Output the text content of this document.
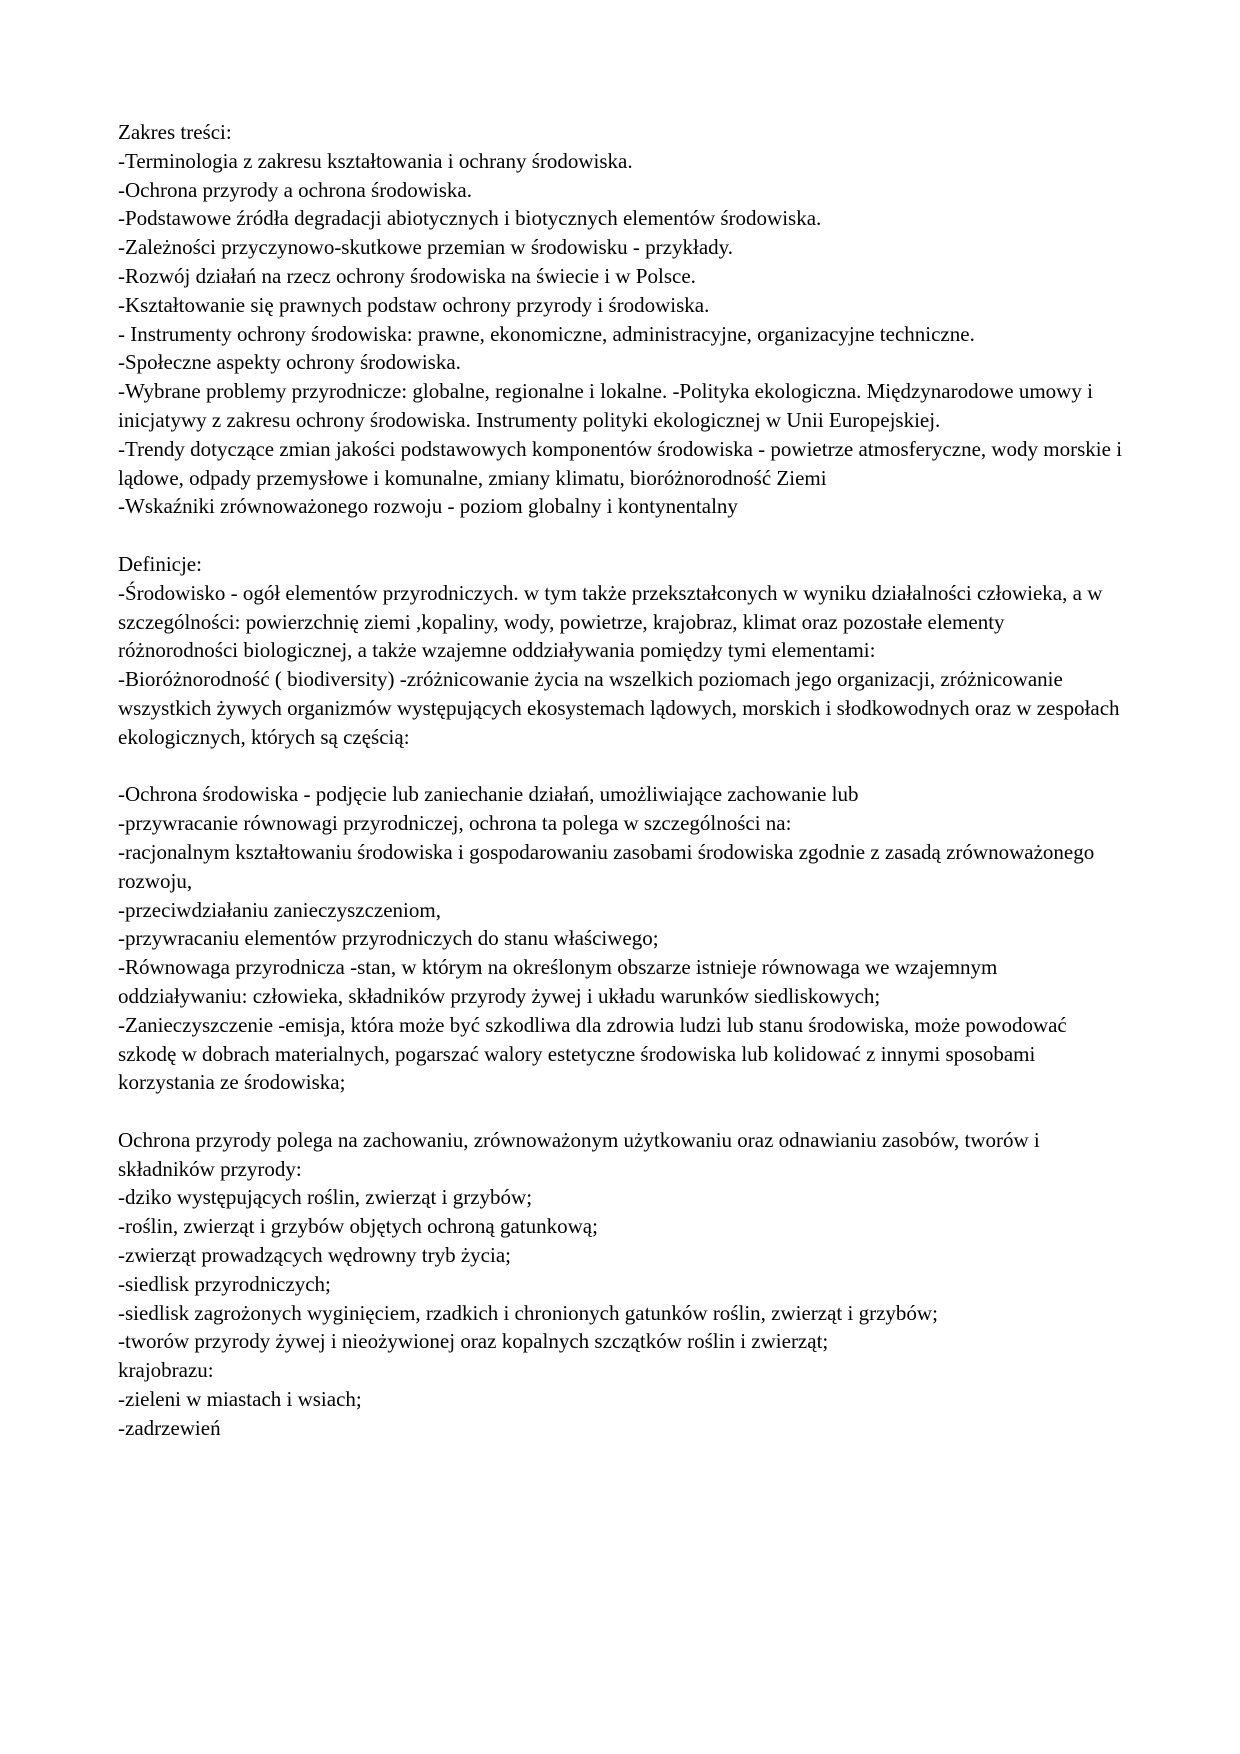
Zakres treści:
-Terminologia z zakresu kształtowania i ochrany środowiska.
-Ochrona przyrody a ochrona środowiska.
-Podstawowe źródła degradacji abiotycznych i biotycznych elementów środowiska.
-Zależności przyczynowo-skutkowe przemian w środowisku - przykłady.
-Rozwój działań na rzecz ochrony środowiska na świecie i w Polsce.
-Kształtowanie się prawnych podstaw ochrony przyrody i środowiska.
- Instrumenty ochrony środowiska: prawne, ekonomiczne, administracyjne, organizacyjne techniczne.
-Społeczne aspekty ochrony środowiska.
-Wybrane problemy przyrodnicze: globalne, regionalne i lokalne. -Polityka ekologiczna. Międzynarodowe umowy i inicjatywy z zakresu ochrony środowiska. Instrumenty polityki ekologicznej w Unii Europejskiej.
-Trendy dotyczące zmian jakości podstawowych komponentów środowiska - powietrze atmosferyczne, wody morskie i lądowe, odpady przemysłowe i komunalne, zmiany klimatu, bioróżnorodność Ziemi
-Wskaźniki zrównoważonego rozwoju - poziom globalny i kontynentalny
Definicje:
-Środowisko - ogół elementów przyrodniczych. w tym także przekształconych w wyniku działalności człowieka, a w szczególności: powierzchnię ziemi ,kopaliny, wody, powietrze, krajobraz, klimat oraz pozostałe elementy różnorodności biologicznej, a także wzajemne oddziaływania pomiędzy tymi elementami:
-Bioróżnorodność ( biodiversity) -zróżnicowanie życia na wszelkich poziomach jego organizacji, zróżnicowanie wszystkich żywych organizmów występujących ekosystemach lądowych, morskich i słodkowodnych oraz w zespołach ekologicznych, których są częścią:
-Ochrona środowiska - podjęcie lub zaniechanie działań, umożliwiające zachowanie lub
-przywracanie równowagi przyrodniczej, ochrona ta polega w szczególności na:
-racjonalnym kształtowaniu środowiska i gospodarowaniu zasobami środowiska zgodnie z zasadą zrównoważonego rozwoju,
-przeciwdziałaniu zanieczyszczeniom,
-przywracaniu elementów przyrodniczych do stanu właściwego;
-Równowaga przyrodnicza -stan, w którym na określonym obszarze istnieje równowaga we wzajemnym oddziaływaniu: człowieka, składników przyrody żywej i układu warunków siedliskowych;
-Zanieczyszczenie -emisja, która może być szkodliwa dla zdrowia ludzi lub stanu środowiska, może powodować szkodę w dobrach materialnych, pogarszać walory estetyczne środowiska lub kolidować z innymi sposobami korzystania ze środowiska;
Ochrona przyrody polega na zachowaniu, zrównoważonym użytkowaniu oraz odnawianiu zasobów, tworów i składników przyrody:
-dziko występujących roślin, zwierząt i grzybów;
-roślin, zwierząt i grzybów objętych ochroną gatunkową;
-zwierząt prowadzących wędrowny tryb życia;
-siedlisk przyrodniczych;
-siedlisk zagrożonych wyginięciem, rzadkich i chronionych gatunków roślin, zwierząt i grzybów;
-tworów przyrody żywej i nieożywionej oraz kopalnych szczątków roślin i zwierząt;
krajobrazu:
-zieleni w miastach i wsiach;
-zadrzewień
